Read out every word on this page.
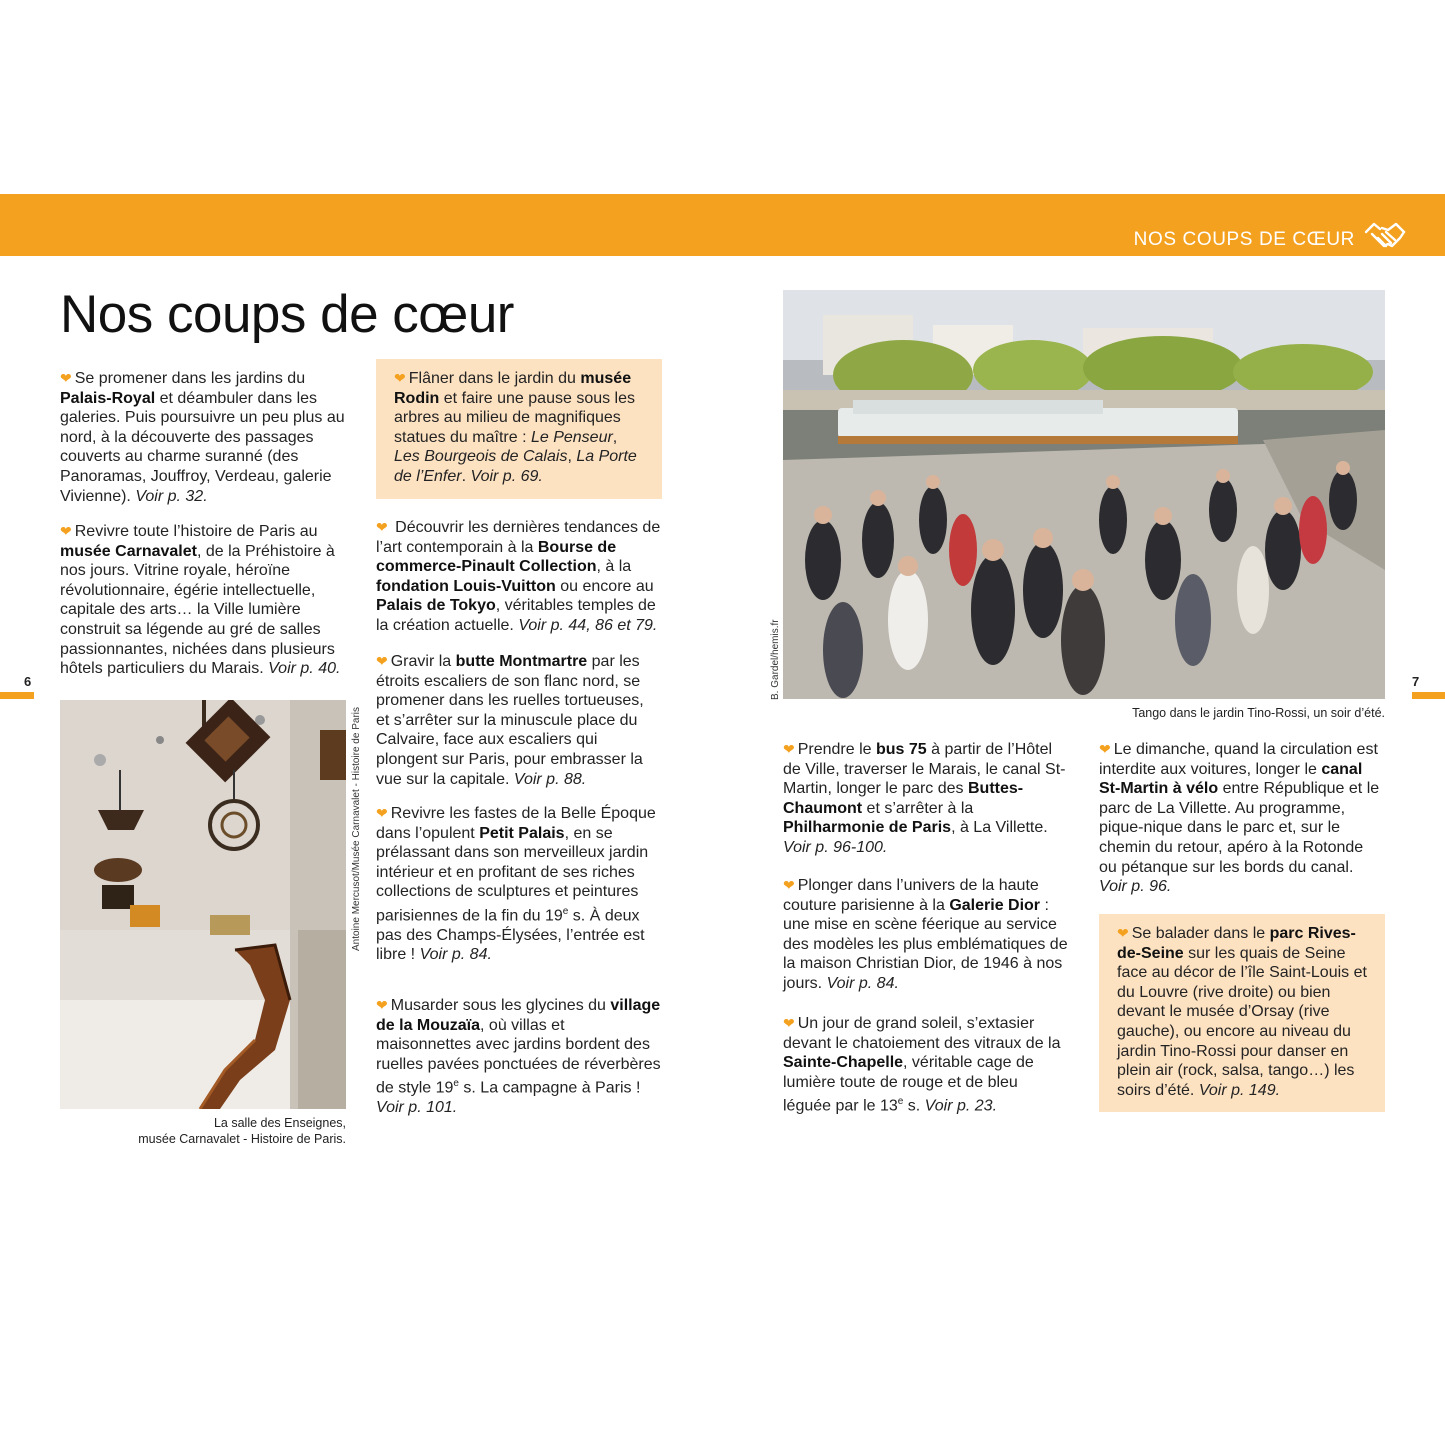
NOS COUPS DE CŒUR
Nos coups de cœur
6	7
❤ Se promener dans les jardins du Palais-Royal et déambuler dans les galeries. Puis poursuivre un peu plus au nord, à la découverte des passages couverts au charme suranné (des Panoramas, Jouffroy, Verdeau, galerie Vivienne). Voir p. 32.
❤ Revivre toute l’histoire de Paris au musée Carnavalet, de la Préhistoire à nos jours. Vitrine royale, héroïne révolutionnaire, égérie intellectuelle, capitale des arts… la Ville lumière construit sa légende au gré de salles passionnantes, nichées dans plusieurs hôtels particuliers du Marais. Voir p. 40.
❤ Flâner dans le jardin du musée Rodin et faire une pause sous les arbres au milieu de magnifiques statues du maître : Le Penseur, Les Bourgeois de Calais, La Porte de l’Enfer. Voir p. 69.
❤ Découvrir les dernières tendances de l’art contemporain à la Bourse de commerce-Pinault Collection, à la fondation Louis-Vuitton ou encore au Palais de Tokyo, véritables temples de la création actuelle. Voir p. 44, 86 et 79.
❤ Gravir la butte Montmartre par les étroits escaliers de son flanc nord, se promener dans les ruelles tortueuses, et s’arrêter sur la minuscule place du Calvaire, face aux escaliers qui plongent sur Paris, pour embrasser la vue sur la capitale. Voir p. 88.
❤ Revivre les fastes de la Belle Époque dans l’opulent Petit Palais, en se prélassant dans son merveilleux jardin intérieur et en profitant de ses riches collections de sculptures et peintures parisiennes de la fin du 19e s. À deux pas des Champs-Élysées, l’entrée est libre ! Voir p. 84.
❤ Musarder sous les glycines du village de la Mouzaïa, où villas et maisonnettes avec jardins bordent des ruelles pavées ponctuées de réverbères de style 19e s. La campagne à Paris ! Voir p. 101.
❤ Prendre le bus 75 à partir de l’Hôtel de Ville, traverser le Marais, le canal St-Martin, longer le parc des Buttes-Chaumont et s’arrêter à la Philharmonie de Paris, à La Villette. Voir p. 96-100.
❤ Plonger dans l’univers de la haute couture parisienne à la Galerie Dior : une mise en scène féerique au service des modèles les plus emblématiques de la maison Christian Dior, de 1946 à nos jours. Voir p. 84.
❤ Un jour de grand soleil, s’extasier devant le chatoiement des vitraux de la Sainte-Chapelle, véritable cage de lumière toute de rouge et de bleu léguée par le 13e s. Voir p. 23.
❤ Le dimanche, quand la circulation est interdite aux voitures, longer le canal St-Martin à vélo entre République et le parc de La Villette. Au programme, pique-nique dans le parc et, sur le chemin du retour, apéro à la Rotonde ou pétanque sur les bords du canal. Voir p. 96.
❤ Se balader dans le parc Rives-de-Seine sur les quais de Seine face au décor de l’île Saint-Louis et du Louvre (rive droite) ou bien devant le musée d’Orsay (rive gauche), ou encore au niveau du jardin Tino-Rossi pour danser en plein air (rock, salsa, tango…) les soirs d’été. Voir p. 149.
Antoine Mercusot/Musée Carnavalet - Histoire de Paris
La salle des Enseignes,
musée Carnavalet - Histoire de Paris.
B. Gardel/hemis.fr
Tango dans le jardin Tino-Rossi, un soir d’été.
